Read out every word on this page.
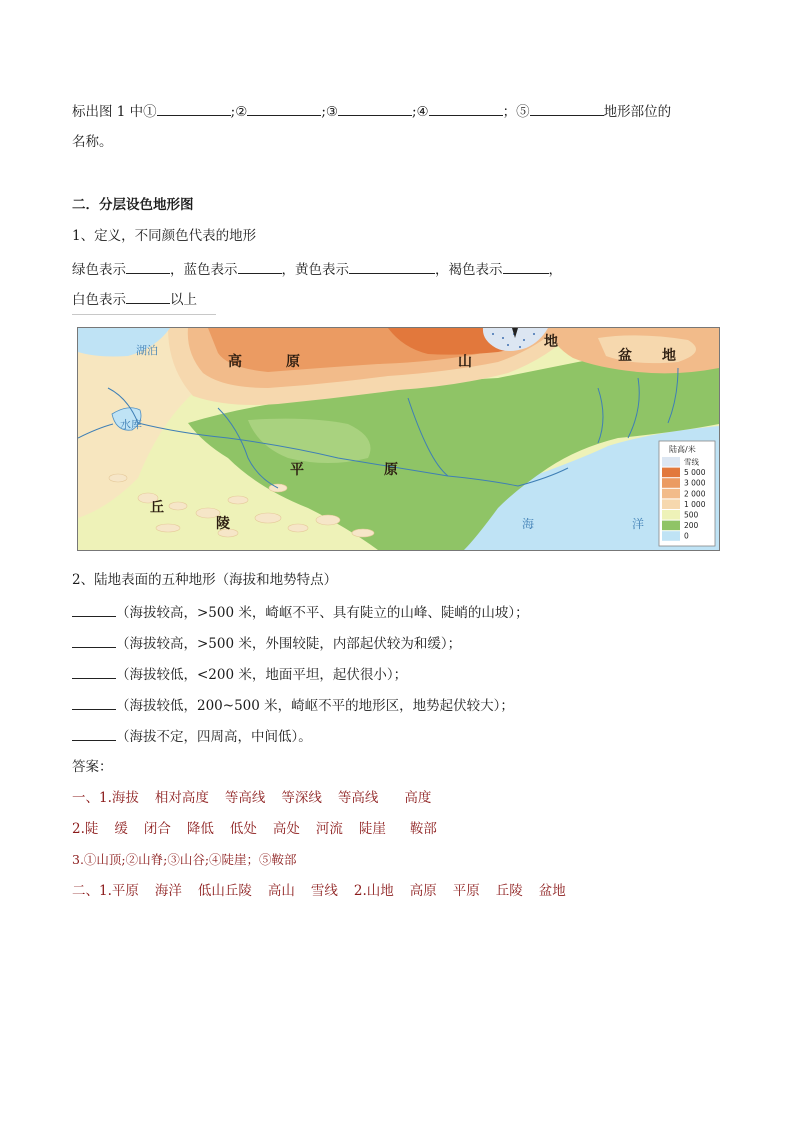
标出图 1 中①	;②	;③	;④	；⑤	地形部位的
名称。
二．分层设色地形图
1、定义，不同颜色代表的地形
绿色表示	，蓝色表示	，黄色表示	，褐色表示	，
白色表示	以上
湖泊
水库
高	原	山
地
盆 地
平	原
丘
陵	海	洋
陆高/米
雪线
5 000
3 000
2 000
1 000
500
200
0
2、陆地表面的五种地形（海拔和地势特点）
（海拔较高，>500 米，崎岖不平、具有陡立的山峰、陡峭的山坡）；
（海拔较高，>500 米，外围较陡，内部起伏较为和缓）；
（海拔较低，<200 米，地面平坦，起伏很小）；
（海拔较低，200~500 米，崎岖不平的地形区，地势起伏较大）；
（海拔不定，四周高，中间低）。
答案：
一、1.海拔 相对高度 等高线 等深线 等高线 高度
2.陡 缓 闭合 降低 低处 高处 河流 陡崖 鞍部
3.①山顶;②山脊;③山谷;④陡崖；⑤鞍部
二、1.平原 海洋 低山丘陵 高山 雪线 2.山地 高原 平原 丘陵 盆地
